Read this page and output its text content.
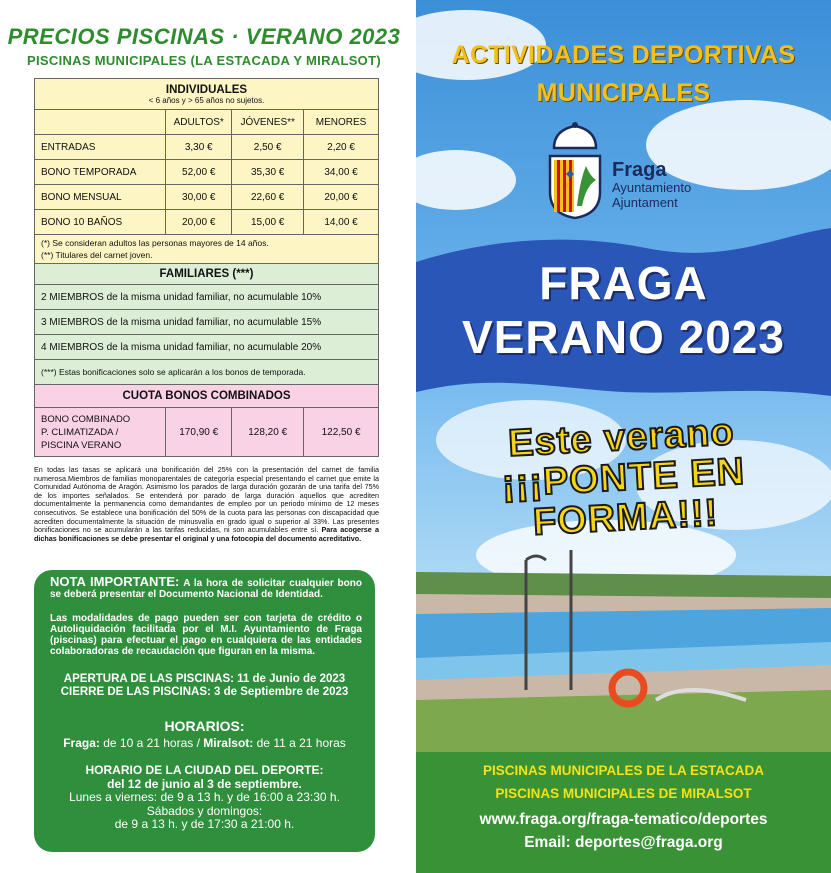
PRECIOS PISCINAS · VERANO 2023
PISCINAS MUNICIPALES (LA ESTACADA Y MIRALSOT)
INDIVIDUALES
< 6 años y > 65 años no sujetos.			

	ADULTOS*	JÓVENES**	MENORES
ENTRADAS	3,30 €	2,50 €	2,20 €
BONO TEMPORADA	52,00 €	35,30 €	34,00 €
BONO MENSUAL	30,00 €	22,60 €	20,00 €
BONO 10 BAÑOS	20,00 €	15,00 €	14,00 €

(*) Se consideran adultos las personas mayores de 14 años.
(**) Titulares del carnet joven.			

FAMILIARES (***)			
2 MIEMBROS de la misma unidad familiar, no acumulable 10%			
3 MIEMBROS de la misma unidad familiar, no acumulable 15%			
4 MIEMBROS de la misma unidad familiar, no acumulable 20%			
(***) Estas bonificaciones solo se aplicarán a los bonos de temporada.			
CUOTA BONOS COMBINADOS			

BONO COMBINADO
P. CLIMATIZADA /
PISCINA VERANO	170,90 €	128,20 €	122,50 €
En todas las tasas se aplicará una bonificación del 25% con la presentación del carnet de familia numerosa.Miembros de familias monoparentales de categoría especial presentando el carnet que emite la Comunidad Autónoma de Aragón. Asimismo los parados de larga duración gozarán de una tarifa del 75% de los importes señalados. Se entenderá por parado de larga duración aquellos que acrediten documentalmente la permanencia como demandantes de empleo por un periodo mínimo de 12 meses consecutivos. Se establece una bonificación del 50% de la cuota para las personas con discapacidad que acrediten documentalmente la situación de minusvalía en grado igual o superior al 33%. Las presentes bonificaciones no se acumularán a las tarifas reducidas, ni son acumulables entre sí. Para acogerse a dichas bonificaciones se debe presentar el original y una fotocopia del documento acreditativo.
NOTA IMPORTANTE: A la hora de solicitar cualquier bono se deberá presentar el Documento Nacional de Identidad.
Las modalidades de pago pueden ser con tarjeta de crédito o Autoliquidación facilitada por el M.I. Ayuntamiento de Fraga (piscinas) para efectuar el pago en cualquiera de las entidades colaboradoras de recaudación que figuran en la misma.
APERTURA DE LAS PISCINAS: 11 de Junio de 2023
CIERRE DE LAS PISCINAS: 3 de Septiembre de 2023
HORARIOS:
Fraga: de 10 a 21 horas / Miralsot: de 11 a 21 horas
HORARIO DE LA CIUDAD DEL DEPORTE:
del 12 de junio al 3 de septiembre.
Lunes a viernes: de 9 a 13 h. y de 16:00 a 23:30 h.
Sábados y domingos:
de 9 a 13 h. y de 17:30 a 21:00 h.
ACTIVIDADES DEPORTIVAS
MUNICIPALES
Fraga
Ayuntamiento
Ajuntament
FRAGA
VERANO 2023
Este verano
¡¡¡PONTE EN
FORMA!!!
PISCINAS MUNICIPALES DE LA ESTACADA
PISCINAS MUNICIPALES DE MIRALSOT
www.fraga.org/fraga-tematico/deportes
Email: deportes@fraga.org
